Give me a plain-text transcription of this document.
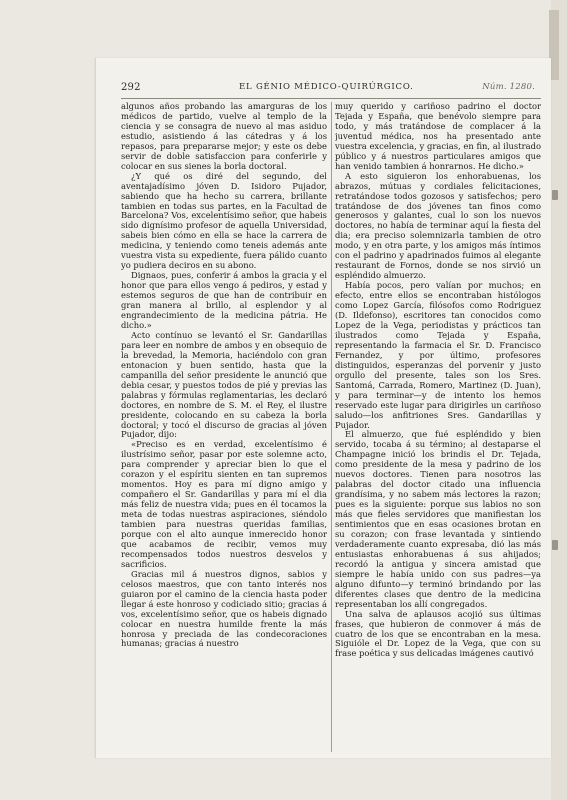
292	EL GÉNIO MÉDICO-QUIRÚRGICO.	Núm. 1280.

algunos años probando las amarguras de los médicos de partido, vuelve al templo de la ciencia y se consagra de nuevo al mas asiduo estudio, asistiendo á las cátedras y á los repasos, para prepararse mejor; y este os debe servir de doble satisfaccion para conferirle y colocar en sus sienes la borla doctoral.

¿Y qué os diré del segundo, del aventajadísimo jóven D. Isidoro Pujador, sabiendo que ha hecho su carrera, brillante tambien en todas sus partes, en la Facultad de Barcelona? Vos, excelentísimo señor, que habeis sido dignísimo profesor de aquella Universidad, sabeis bien cómo en ella se hace la carrera de medicina, y teniendo como teneis además ante vuestra vista su expediente, fuera pálido cuanto yo pudiera deciros en su abono.

Dignaos, pues, conferir á ambos la gracia y el honor que para ellos vengo á pediros, y estad y estemos seguros de que han de contribuir en gran manera al brillo, al esplendor y al engrandecimiento de la medicina pátria. He dicho.»

Acto contínuo se levantó el Sr. Gandarillas para leer en nombre de ambos y en obsequio de la brevedad, la Memoria, haciéndolo con gran entonacion y buen sentido, hasta que la campanilla del señor presidente le anunció que debia cesar, y puestos todos de pié y previas las palabras y fórmulas reglamentarias, les declaró doctores, en nombre de S. M. el Rey, el ilustre presidente, colocando en su cabeza la borla doctoral; y tocó el discurso de gracias al jóven Pujador, dijo:

«Preciso es en verdad, excelentísimo é ilustrísimo señor, pasar por este solemne acto, para comprender y apreciar bien lo que el corazon y el espíritu sienten en tan supremos momentos. Hoy es para mí digno amigo y compañero el Sr. Gandarillas y para mí el dia más feliz de nuestra vida; pues en él tocamos la meta de todas nuestras aspiraciones, siéndolo tambien para nuestras queridas familias, porque con el alto aunque inmerecido honor que acabamos de recibir, vemos muy recompensados todos nuestros desvelos y sacrificios.

Gracias mil á nuestros dignos, sabios y celosos maestros, que con tanto interés nos guiaron por el camino de la ciencia hasta poder llegar á este honroso y codiciado sitio; gracias á vos, excelentísimo señor, que os habeis dignado colocar en nuestra humilde frente la más honrosa y preciada de las condecoraciones humanas; gracias á nuestro

muy querido y cariñoso padrino el doctor Tejada y España, que benévolo siempre para todo, y más tratándose de complacer á la juventud médica, nos ha presentado ante vuestra excelencia, y gracias, en fin, al ilustrado público y á nuestros particulares amigos que han venido tambien á honrarnos. He dicho.»

A esto siguieron los enhorabuenas, los abrazos, mútuas y cordiales felicitaciones, retratándose todos gozosos y satisfechos; pero tratándose de dos jóvenes tan finos como generosos y galantes, cual lo son los nuevos doctores, no había de terminar aquí la fiesta del dia; era preciso solemnizarla tambien de otro modo, y en otra parte, y los amigos más íntimos con el padrino y apadrinados fuimos al elegante restaurant de Fornos, donde se nos sirvió un espléndido almuerzo.

Había pocos, pero valían por muchos; en efecto, entre ellos se encontraban histólogos como Lopez García, filósofos como Rodriguez (D. Ildefonso), escritores tan conocidos como Lopez de la Vega, periodistas y prácticos tan ilustrados como Tejada y España, representando la farmacia el Sr. D. Francisco Fernandez, y por último, profesores distinguidos, esperanzas del porvenir y justo orgullo del presente, tales son los Sres. Santomá, Carrada, Romero, Martinez (D. Juan), y para terminar—y de intento los hemos reservado este lugar para dirigirles un cariñoso saludo—los anfitriones Sres. Gandarillas y Pujador.

El almuerzo, que fué espléndido y bien servido, tocaba á su término; al destaparse el Champagne inició los brindis el Dr. Tejada, como presidente de la mesa y padrino de los nuevos doctores. Tienen para nosotros las palabras del doctor citado una influencia grandísima, y no sabem más lectores la razon; pues es la siguiente: porque sus labios no son más que fieles servidores que manifiestan los sentimientos que en esas ocasiones brotan en su corazon; con frase levantada y sintiendo verdaderamente cuanto expresaba, dió las más entusiastas enhorabuenas á sus ahijados; recordó la antigua y sincera amistad que siempre le había unido con sus padres—ya alguno difunto—y terminó brindando por las diferentes clases que dentro de la medicina representaban los allí congregados.

Una salva de aplausos acojió sus últimas frases, que hubieron de conmover á más de cuatro de los que se encontraban en la mesa. Siguióle el Dr. Lopez de la Vega, que con su frase poética y sus delicadas imágenes cautivó
